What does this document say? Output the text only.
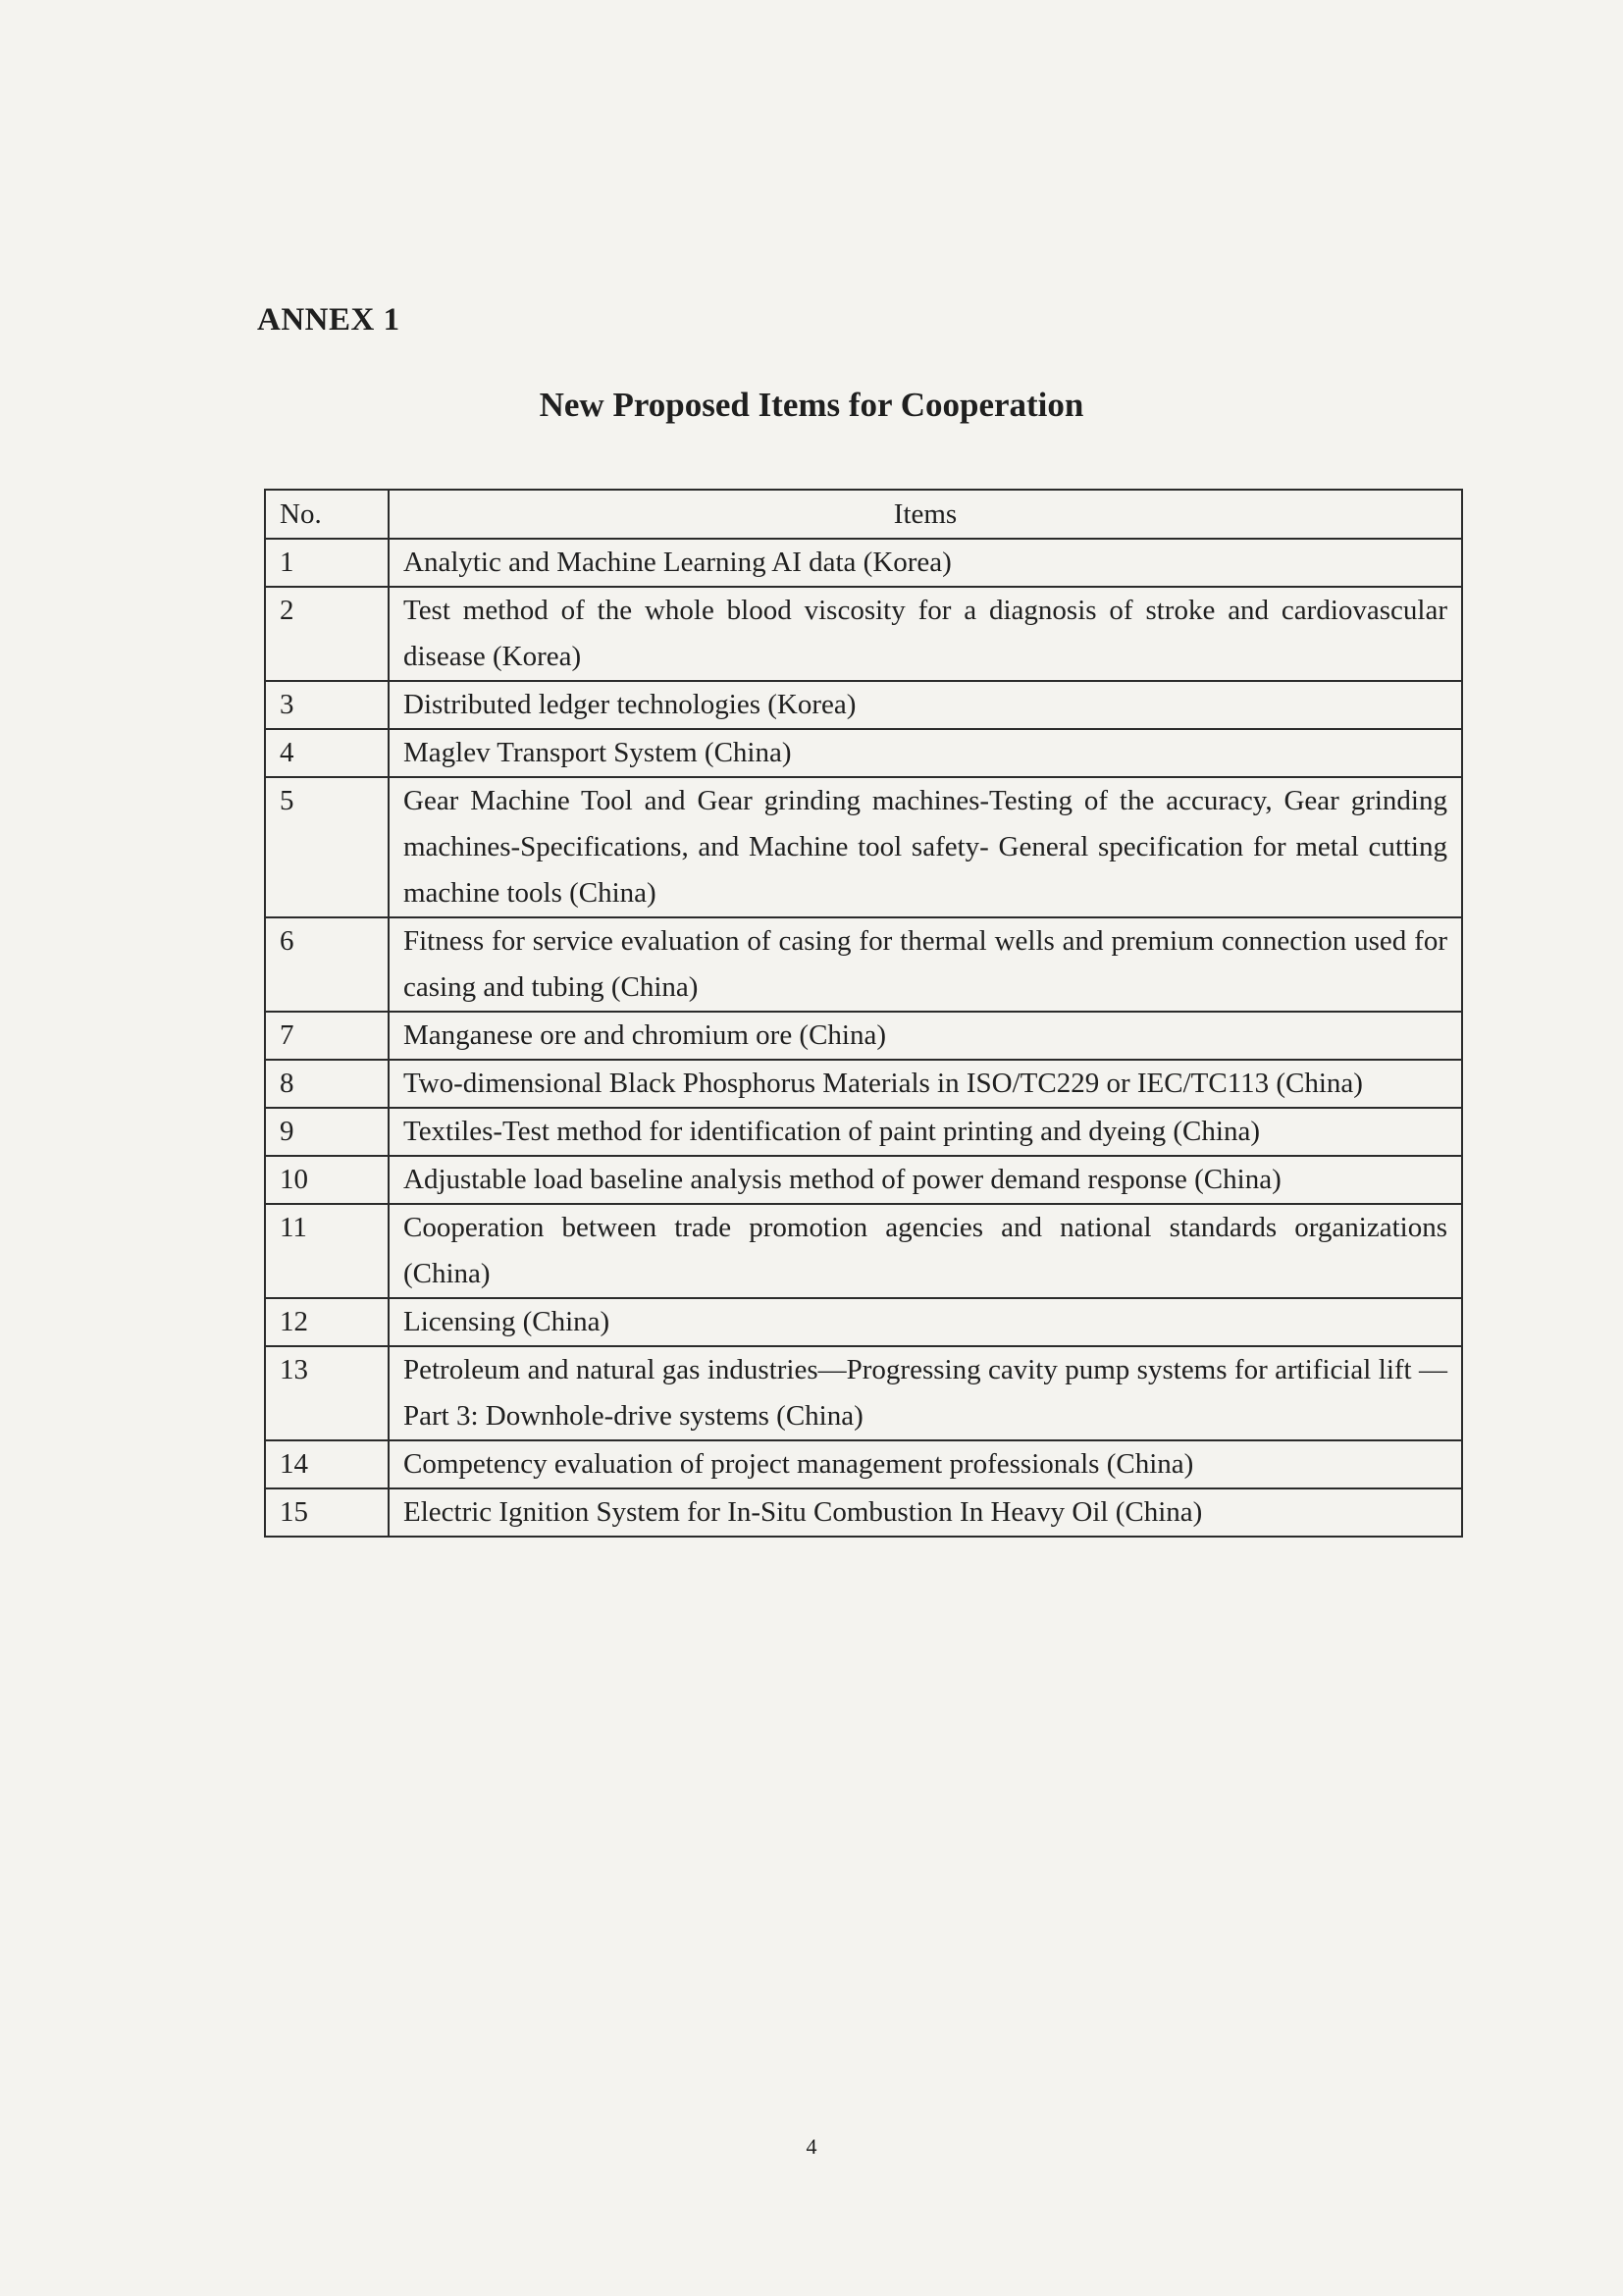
ANNEX 1
New Proposed Items for Cooperation
No.	Items
1	Analytic and Machine Learning AI data (Korea)
2	Test method of the whole blood viscosity for a diagnosis of stroke and cardiovascular disease (Korea)
3	Distributed ledger technologies (Korea)
4	Maglev Transport System (China)
5	Gear Machine Tool and Gear grinding machines-Testing of the accuracy, Gear grinding machines-Specifications, and Machine tool safety- General specification for metal cutting machine tools (China)
6	Fitness for service evaluation of casing for thermal wells and premium connection used for casing and tubing (China)
7	Manganese ore and chromium ore (China)
8	Two-dimensional Black Phosphorus Materials in ISO/TC229 or IEC/TC113 (China)
9	Textiles-Test method for identification of paint printing and dyeing (China)
10	Adjustable load baseline analysis method of power demand response (China)
11	Cooperation between trade promotion agencies and national standards organizations (China)
12	Licensing (China)
13	Petroleum and natural gas industries—Progressing cavity pump systems for artificial lift — Part 3: Downhole-drive systems (China)
14	Competency evaluation of project management professionals (China)
15	Electric Ignition System for In-Situ Combustion In Heavy Oil (China)
4
